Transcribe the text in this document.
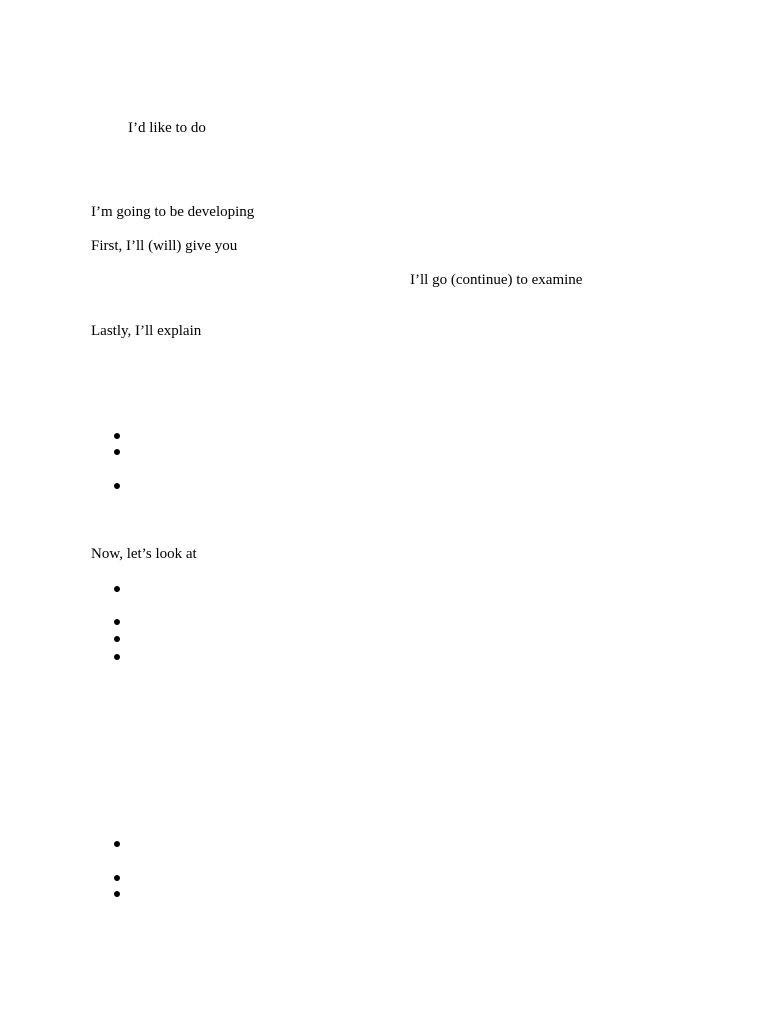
I’d like to do
I’m going to be developing
First, I’ll (will) give you
I’ll go (continue) to examine
Lastly, I’ll explain
Now, let’s look at
